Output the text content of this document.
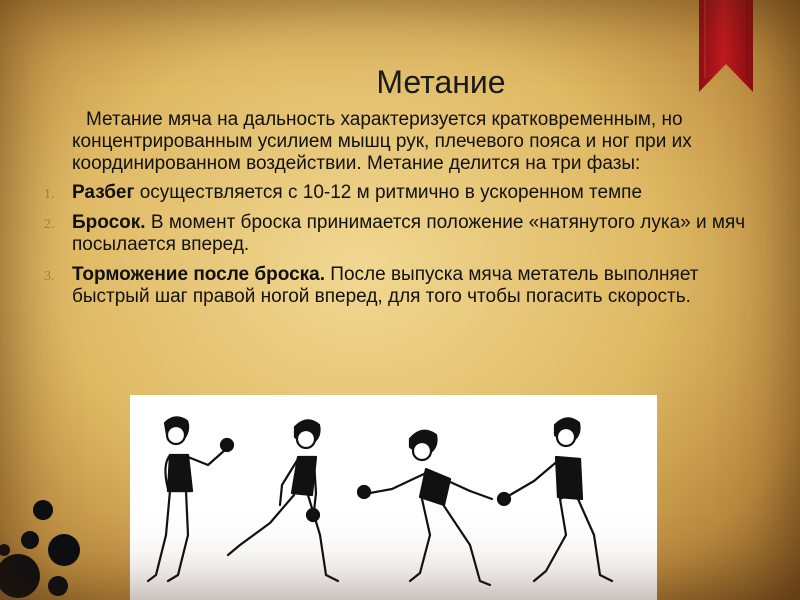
Метание

Метание мяча на дальность характеризуется кратковременным, но концентрированным усилием мышц рук, плечевого пояса и ног при их координированном воздействии. Метание делится на три фазы:

1. Разбег осуществляется с 10-12 м ритмично в ускоренном темпе
2. Бросок. В момент броска принимается положение «натянутого лука» и мяч посылается вперед.
3. Торможение после броска. После выпуска мяча метатель выполняет быстрый шаг правой ногой вперед, для того чтобы погасить скорость.
